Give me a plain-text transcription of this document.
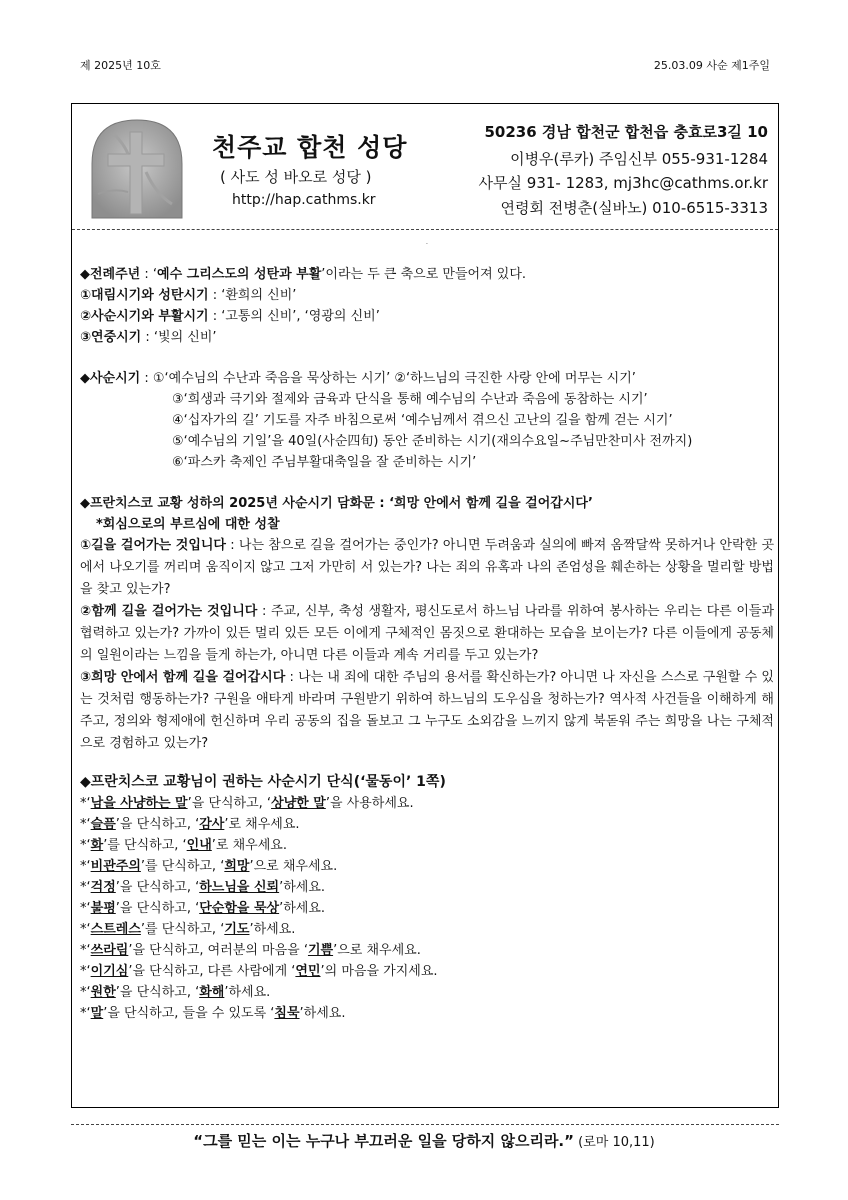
제 2025년 10호	25.03.09 사순 제1주일
천주교 합천 성당
( 사도 성 바오로 성당 )
http://hap.cathms.kr
50236 경남 합천군 합천읍 충효로3길 10
이병우(루카) 주임신부 055-931-1284
사무실 931- 1283, mj3hc@cathms.or.kr
연령회 전병춘(실바노) 010-6515-3313
·
◆전례주년 : ‘예수 그리스도의 성탄과 부활’이라는 두 큰 축으로 만들어져 있다.
①대림시기와 성탄시기 : ‘환희의 신비’
②사순시기와 부활시기 : ‘고통의 신비’, ‘영광의 신비’
③연중시기 : ‘빛의 신비’
◆사순시기 : ①‘예수님의 수난과 죽음을 묵상하는 시기’ ②‘하느님의 극진한 사랑 안에 머무는 시기’
③‘희생과 극기와 절제와 금육과 단식을 통해 예수님의 수난과 죽음에 동참하는 시기’
④‘십자가의 길’ 기도를 자주 바침으로써 ‘예수님께서 겪으신 고난의 길을 함께 걷는 시기’
⑤‘예수님의 기일’을 40일(사순四旬) 동안 준비하는 시기(재의수요일~주님만찬미사 전까지)
⑥‘파스카 축제인 주님부활대축일을 잘 준비하는 시기’
◆프란치스코 교황 성하의 2025년 사순시기 담화문 : ‘희망 안에서 함께 길을 걸어갑시다’
*회심으로의 부르심에 대한 성찰
①길을 걸어가는 것입니다 : 나는 참으로 길을 걸어가는 중인가? 아니면 두려움과 실의에 빠져 옴짝달싹 못하거나 안락한 곳에서 나오기를 꺼리며 움직이지 않고 그저 가만히 서 있는가? 나는 죄의 유혹과 나의 존엄성을 훼손하는 상황을 멀리할 방법을 찾고 있는가?
②함께 길을 걸어가는 것입니다 : 주교, 신부, 축성 생활자, 평신도로서 하느님 나라를 위하여 봉사하는 우리는 다른 이들과 협력하고 있는가? 가까이 있든 멀리 있든 모든 이에게 구체적인 몸짓으로 환대하는 모습을 보이는가? 다른 이들에게 공동체의 일원이라는 느낌을 들게 하는가, 아니면 다른 이들과 계속 거리를 두고 있는가?
③희망 안에서 함께 길을 걸어갑시다 : 나는 내 죄에 대한 주님의 용서를 확신하는가? 아니면 나 자신을 스스로 구원할 수 있는 것처럼 행동하는가? 구원을 애타게 바라며 구원받기 위하여 하느님의 도우심을 청하는가? 역사적 사건들을 이해하게 해 주고, 정의와 형제애에 헌신하며 우리 공동의 집을 돌보고 그 누구도 소외감을 느끼지 않게 북돋워 주는 희망을 나는 구체적으로 경험하고 있는가?
◆프란치스코 교황님이 권하는 사순시기 단식(‘물동이’ 1쪽)
*‘남을 사냥하는 말’을 단식하고, ‘상냥한 말’을 사용하세요.
*‘슬픔’을 단식하고, ‘감사’로 채우세요.
*‘화’를 단식하고, ‘인내’로 채우세요.
*‘비관주의’를 단식하고, ‘희망’으로 채우세요.
*‘걱정’을 단식하고, ‘하느님을 신뢰’하세요.
*‘불평’을 단식하고, ‘단순함을 묵상’하세요.
*‘스트레스’를 단식하고, ‘기도’하세요.
*‘쓰라림’을 단식하고, 여러분의 마음을 ‘기쁨’으로 채우세요.
*‘이기심’을 단식하고, 다른 사람에게 ‘연민’의 마음을 가지세요.
*‘원한’을 단식하고, ‘화해’하세요.
*‘말’을 단식하고, 들을 수 있도록 ‘침묵’하세요.
“그를 믿는 이는 누구나 부끄러운 일을 당하지 않으리라.” (로마 10,11)
